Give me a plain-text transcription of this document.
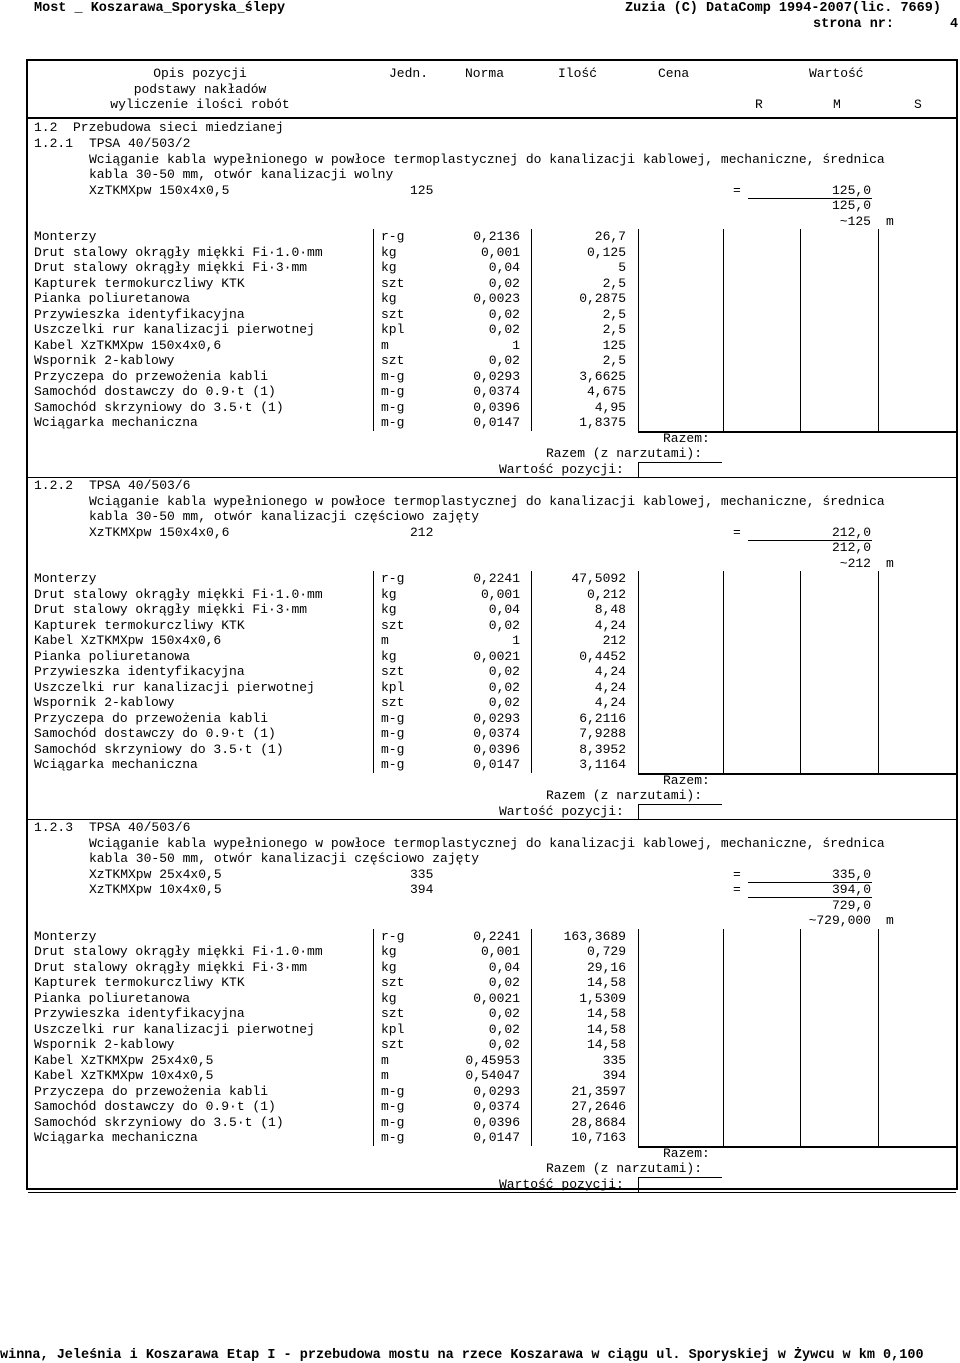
Most _ Koszarawa_Sporyska_ślepy	Zuzia (C) DataComp 1994-2007(lic. 7669)
strona nr:	4
Opis pozycji
podstawy nakładów
wyliczenie ilości robót
Jedn.	Norma	Ilość	Cena	Wartość
R	M	S
1.2  Przebudowa sieci miedzianej
1.2.1 TPSA 40/503/2
Wciąganie kabla wypełnionego w powłoce termoplastycznej do kanalizacji kablowej, mechaniczne, średnica
kabla 30-50 mm, otwór kanalizacji wolny
XzTKMXpw 150x4x0,5	125	=	125,0
125,0
~125 m
Monterzy	r-g	0,2136	26,7
Drut stalowy okrągły miękki Fi·1.0·mm	kg	0,001	0,125
Drut stalowy okrągły miękki Fi·3·mm	kg	0,04	5
Kapturek termokurczliwy KTK	szt	0,02	2,5
Pianka poliuretanowa	kg	0,0023	0,2875
Przywieszka identyfikacyjna	szt	0,02	2,5
Uszczelki rur kanalizacji pierwotnej	kpl	0,02	2,5
Kabel XzTKMXpw 150x4x0,6	m	1	125
Wspornik 2-kablowy	szt	0,02	2,5
Przyczepa do przewożenia kabli	m-g	0,0293	3,6625
Samochód dostawczy do 0.9·t (1)	m-g	0,0374	4,675
Samochód skrzyniowy do 3.5·t (1)	m-g	0,0396	4,95
Wciągarka mechaniczna	m-g	0,0147	1,8375
Razem:
Razem (z narzutami):
Wartość pozycji:
1.2.2 TPSA 40/503/6
Wciąganie kabla wypełnionego w powłoce termoplastycznej do kanalizacji kablowej, mechaniczne, średnica
kabla 30-50 mm, otwór kanalizacji częściowo zajęty
XzTKMXpw 150x4x0,6	212	=	212,0
212,0
~212 m
Monterzy	r-g	0,2241	47,5092
Drut stalowy okrągły miękki Fi·1.0·mm	kg	0,001	0,212
Drut stalowy okrągły miękki Fi·3·mm	kg	0,04	8,48
Kapturek termokurczliwy KTK	szt	0,02	4,24
Kabel XzTKMXpw 150x4x0,6	m	1	212
Pianka poliuretanowa	kg	0,0021	0,4452
Przywieszka identyfikacyjna	szt	0,02	4,24
Uszczelki rur kanalizacji pierwotnej	kpl	0,02	4,24
Wspornik 2-kablowy	szt	0,02	4,24
Przyczepa do przewożenia kabli	m-g	0,0293	6,2116
Samochód dostawczy do 0.9·t (1)	m-g	0,0374	7,9288
Samochód skrzyniowy do 3.5·t (1)	m-g	0,0396	8,3952
Wciągarka mechaniczna	m-g	0,0147	3,1164
Razem:
Razem (z narzutami):
Wartość pozycji:
1.2.3 TPSA 40/503/6
Wciąganie kabla wypełnionego w powłoce termoplastycznej do kanalizacji kablowej, mechaniczne, średnica
kabla 30-50 mm, otwór kanalizacji częściowo zajęty
XzTKMXpw 25x4x0,5	335	=	335,0
XzTKMXpw 10x4x0,5	394	=	394,0
729,0
~729,000 m
Monterzy	r-g	0,2241	163,3689
Drut stalowy okrągły miękki Fi·1.0·mm	kg	0,001	0,729
Drut stalowy okrągły miękki Fi·3·mm	kg	0,04	29,16
Kapturek termokurczliwy KTK	szt	0,02	14,58
Pianka poliuretanowa	kg	0,0021	1,5309
Przywieszka identyfikacyjna	szt	0,02	14,58
Uszczelki rur kanalizacji pierwotnej	kpl	0,02	14,58
Wspornik 2-kablowy	szt	0,02	14,58
Kabel XzTKMXpw 25x4x0,5	m	0,45953	335
Kabel XzTKMXpw 10x4x0,5	m	0,54047	394
Przyczepa do przewożenia kabli	m-g	0,0293	21,3597
Samochód dostawczy do 0.9·t (1)	m-g	0,0374	27,2646
Samochód skrzyniowy do 3.5·t (1)	m-g	0,0396	28,8684
Wciągarka mechaniczna	m-g	0,0147	10,7163
Razem:
Razem (z narzutami):
Wartość pozycji:
winna, Jeleśnia i Koszarawa Etap I - przebudowa mostu na rzece Koszarawa w ciągu ul. Sporyskiej w Żywcu w km 0,100
